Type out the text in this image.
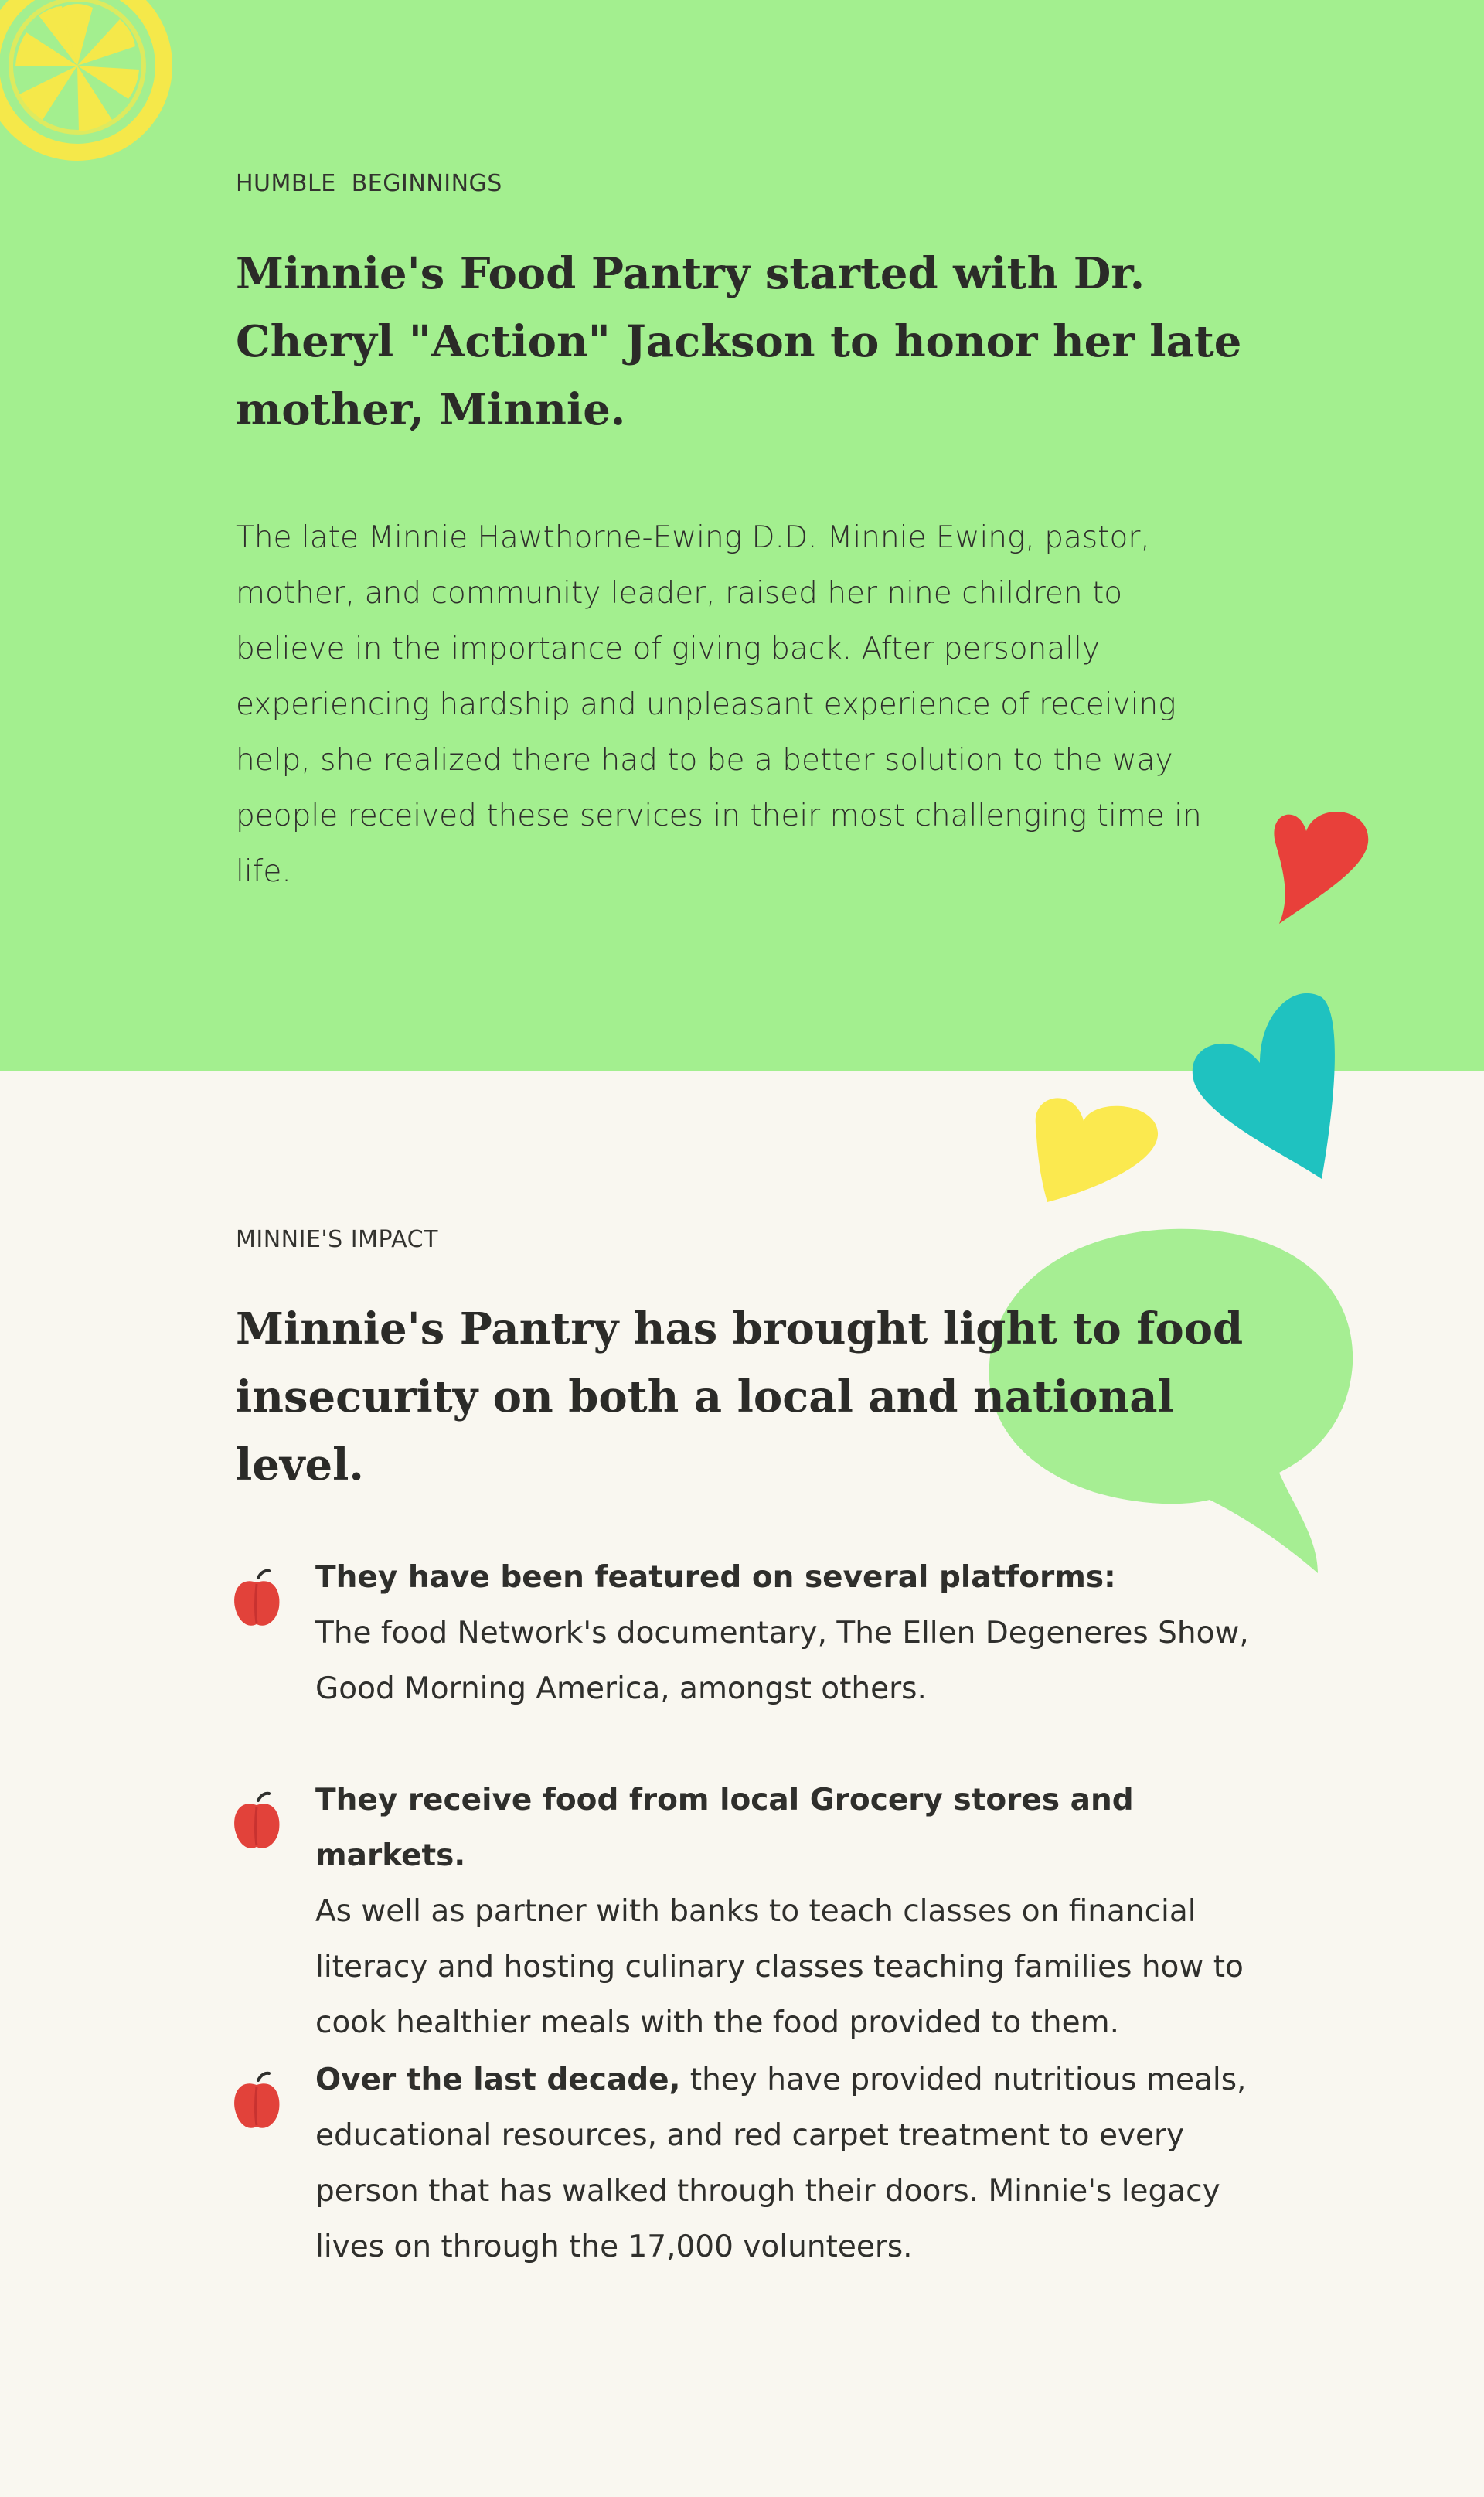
HUMBLE  BEGINNINGS

Minnie's Food Pantry started with Dr. Cheryl "Action" Jackson to honor her late mother, Minnie.

The late Minnie Hawthorne-Ewing D.D. Minnie Ewing, pastor, mother, and community leader, raised her nine children to believe in the importance of giving back. After personally experiencing hardship and unpleasant experience of receiving help, she realized there had to be a better solution to the way people received these services in their most challenging time in life.

MINNIE'S IMPACT

Minnie's Pantry has brought light to food insecurity on both a local and national level.

They have been featured on several platforms:
The food Network's documentary, The Ellen Degeneres Show, Good Morning America, amongst others.

They receive food from local Grocery stores and markets.
As well as partner with banks to teach classes on financial literacy and hosting culinary classes teaching families how to cook healthier meals with the food provided to them.

Over the last decade, they have provided nutritious meals, educational resources, and red carpet treatment to every person that has walked through their doors. Minnie's legacy lives on through the 17,000 volunteers.
